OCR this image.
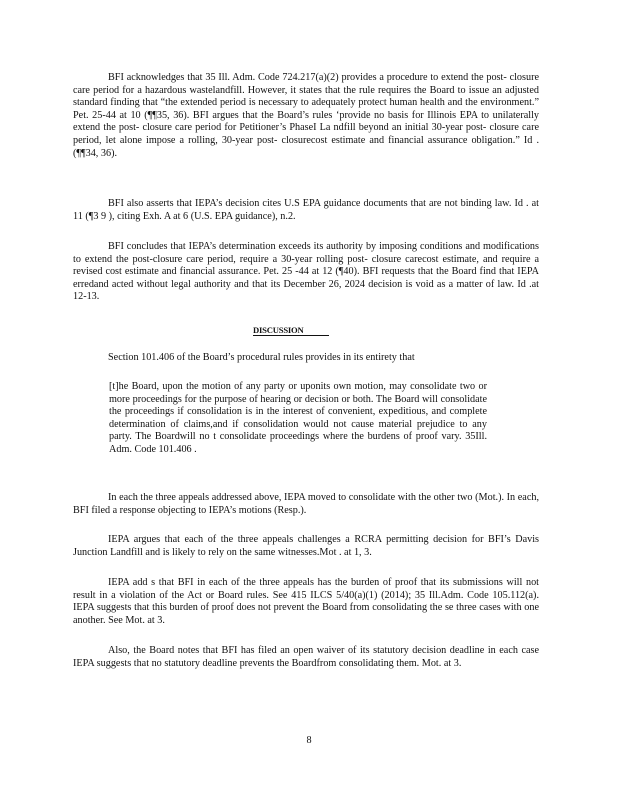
BFI acknowledges that 35 Ill. Adm. Code 724.217(a)(2) provides a procedure to extend the post- closure care period for a hazardous wastelandfill. However, it states that the rule requires the Board to issue an adjusted standard finding that “the extended period is necessary to adequately protect human health and the environment.” Pet. 25-44 at 10 (¶¶35, 36). BFI argues that the Board’s rules ‘provide no basis for Illinois EPA to unilaterally extend the post- closure care period for Petitioner’s PhaseI La ndfill beyond an initial 30-year post- closure care period, let alone impose a rolling, 30-year post- closurecost estimate and financial assurance obligation.” Id . (¶¶34, 36).

BFI also asserts that IEPA’s decision cites U.S EPA guidance documents that are not binding law. Id . at 11 (¶3 9 ), citing Exh. A at 6 (U.S. EPA guidance), n.2.

BFI concludes that IEPA’s determination exceeds its authority by imposing conditions and modifications to extend the post-closure care period, require a 30-year rolling post- closure carecost estimate, and require a revised cost estimate and financial assurance. Pet. 25 -44 at 12 (¶40). BFI requests that the Board find that IEPA erredand acted without legal authority and that its December 26, 2024 decision is void as a matter of law. Id .at 12-13.

DISCUSSION

Section 101.406 of the Board’s procedural rules provides in its entirety that

[t]he Board, upon the motion of any party or uponits own motion, may consolidate two or more proceedings for the purpose of hearing or decision or both. The Board will consolidate the proceedings if consolidation is in the interest of convenient, expeditious, and complete determination of claims,and if consolidation would not cause material prejudice to any party. The Boardwill no t consolidate proceedings where the burdens of proof vary. 35Ill. Adm. Code 101.406 .

In each the three appeals addressed above, IEPA moved to consolidate with the other two (Mot.). In each, BFI filed a response objecting to IEPA’s motions (Resp.).

IEPA argues that each of the three appeals challenges a RCRA permitting decision for BFI’s Davis Junction Landfill and is likely to rely on the same witnesses.Mot . at 1, 3.

IEPA add s that BFI in each of the three appeals has the burden of proof that its submissions will not result in a violation of the Act or Board rules. See 415 ILCS 5/40(a)(1) (2014); 35 Ill.Adm. Code 105.112(a). IEPA suggests that this burden of proof does not prevent the Board from consolidating the se three cases with one another. See Mot. at 3.

Also, the Board notes that BFI has filed an open waiver of its statutory decision deadline in each case IEPA suggests that no statutory deadline prevents the Boardfrom consolidating them. Mot. at 3.

8
